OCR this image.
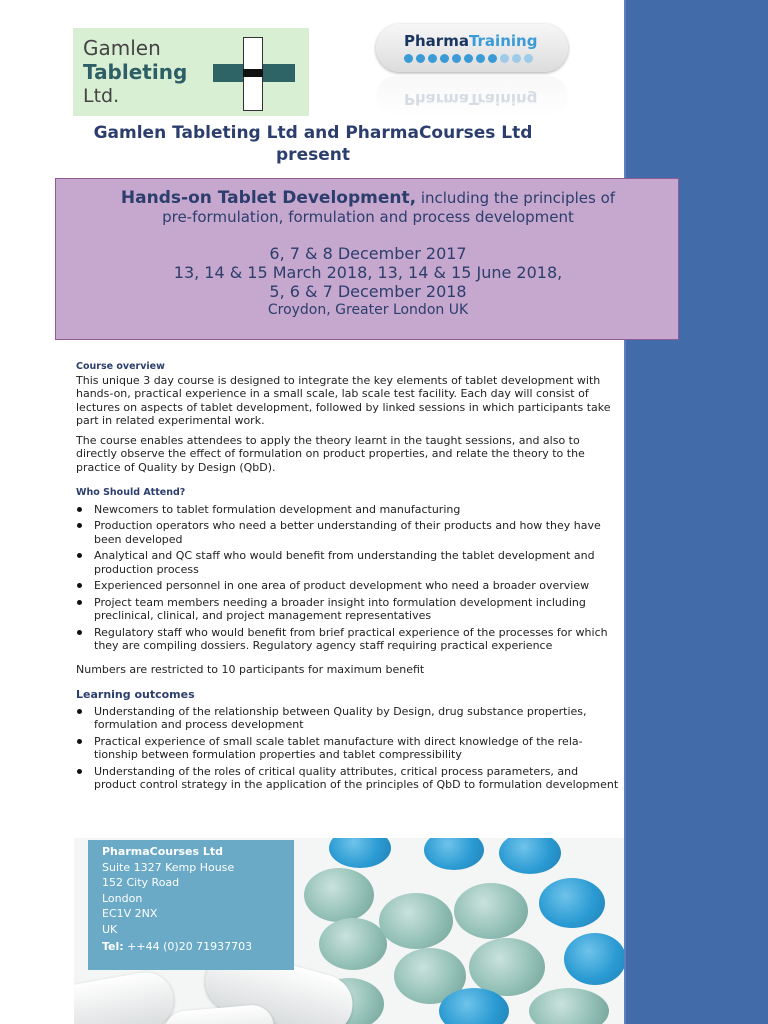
Gamlen
Tableting
Ltd.
PharmaTraining
PharmaTraining
Gamlen Tableting Ltd and PharmaCourses Ltd
present
Hands-on Tablet Development, including the principles of
pre-formulation, formulation and process development
6, 7 & 8 December 2017
13, 14 & 15 March 2018, 13, 14 & 15 June 2018,
5, 6 & 7 December 2018
Croydon, Greater London UK
Course overview

This unique 3 day course is designed to integrate the key elements of tablet development with hands-on, practical experience in a small scale, lab scale test facility. Each day will consist of lectures on aspects of tablet development, followed by linked sessions in which participants take part in related experimental work.

The course enables attendees to apply the theory learnt in the taught sessions, and also to directly observe the effect of formulation on product properties, and relate the theory to the practice of Quality by Design (QbD).

Who Should Attend?
Newcomers to tablet formulation development and manufacturing
Production operators who need a better understanding of their products and how they have been developed
Analytical and QC staff who would benefit from understanding the tablet development and production process
Experienced personnel in one area of product development who need a broader overview
Project team members needing a broader insight into formulation development including preclinical, clinical, and project management representatives
Regulatory staff who would benefit from brief practical experience of the processes for which they are compiling dossiers. Regulatory agency staff requiring practical experience

Numbers are restricted to 10 participants for maximum benefit

Learning outcomes
Understanding of the relationship between Quality by Design, drug substance properties, formulation and process development
Practical experience of small scale tablet manufacture with direct knowledge of the rela-tionship between formulation properties and tablet compressibility
Understanding of the roles of critical quality attributes, critical process parameters, and product control strategy in the application of the principles of QbD to formulation development
PharmaCourses Ltd
Suite 1327 Kemp House
152 City Road
London
EC1V 2NX
UK
Tel: ++44 (0)20 71937703
